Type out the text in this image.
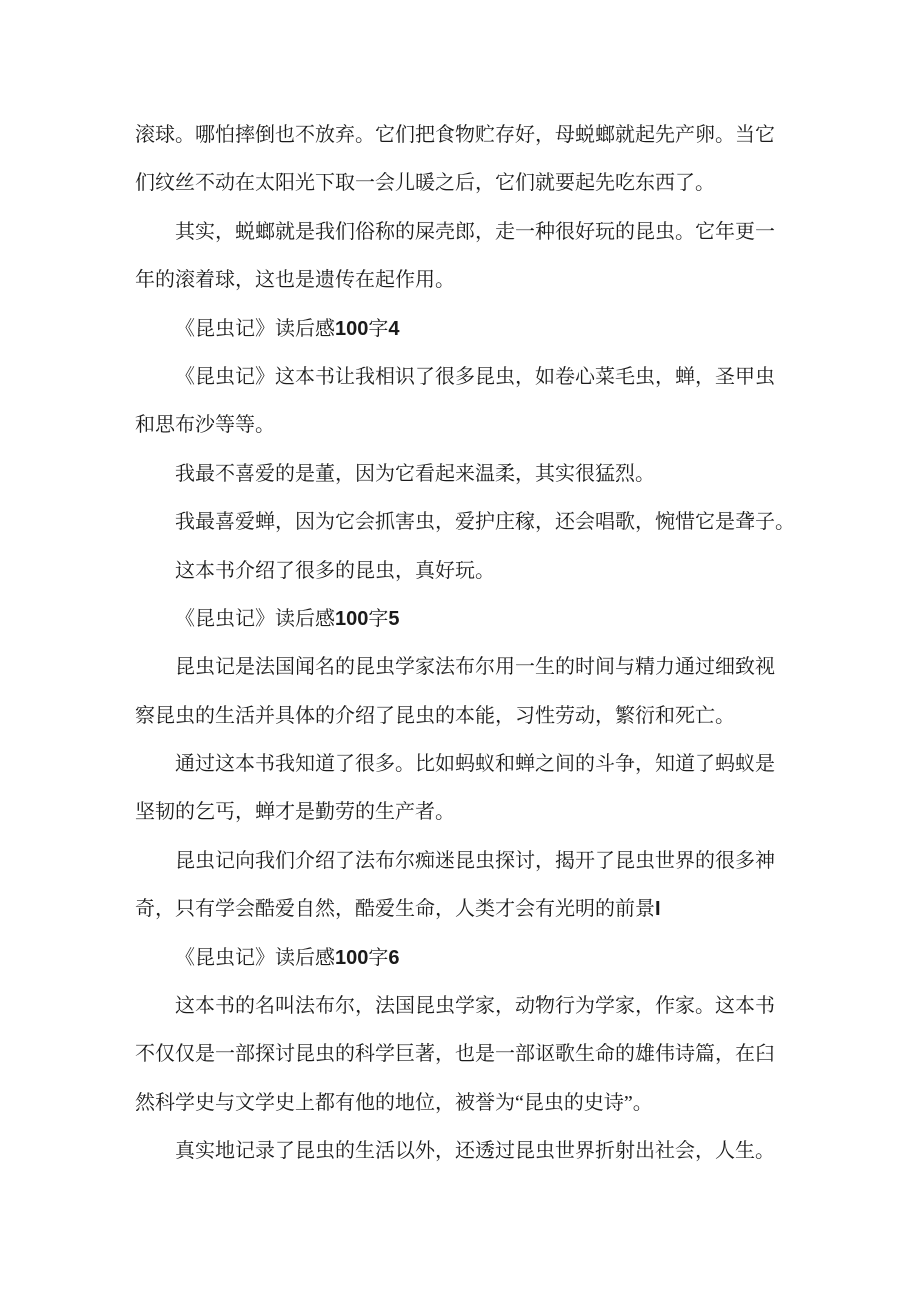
滚球。哪怕摔倒也不放弃。它们把食物贮存好，母蜕螂就起先产卵。当它
们纹丝不动在太阳光下取一会儿暖之后，它们就要起先吃东西了。
其实，蜕螂就是我们俗称的屎壳郎，走一种很好玩的昆虫。它年更一
年的滚着球，这也是遗传在起作用。
《昆虫记》读后感100字4
《昆虫记》这本书让我相识了很多昆虫，如卷心菜毛虫，蝉，圣甲虫
和思布沙等等。
我最不喜爱的是董，因为它看起来温柔，其实很猛烈。
我最喜爱蝉，因为它会抓害虫，爱护庄稼，还会唱歌，惋惜它是聋子。
这本书介绍了很多的昆虫，真好玩。
《昆虫记》读后感100字5
昆虫记是法国闻名的昆虫学家法布尔用一生的时间与精力通过细致视
察昆虫的生活并具体的介绍了昆虫的本能，习性劳动，繁衍和死亡。
通过这本书我知道了很多。比如蚂蚁和蝉之间的斗争，知道了蚂蚁是
坚韧的乞丐，蝉才是勤劳的生产者。
昆虫记向我们介绍了法布尔痴迷昆虫探讨，揭开了昆虫世界的很多神
奇，只有学会酷爱自然，酷爱生命，人类才会有光明的前景I
《昆虫记》读后感100字6
这本书的名叫法布尔，法国昆虫学家，动物行为学家，作家。这本书
不仅仅是一部探讨昆虫的科学巨著，也是一部讴歌生命的雄伟诗篇，在臼
然科学史与文学史上都有他的地位，被誉为“昆虫的史诗”。
真实地记录了昆虫的生活以外，还透过昆虫世界折射出社会，人生。
